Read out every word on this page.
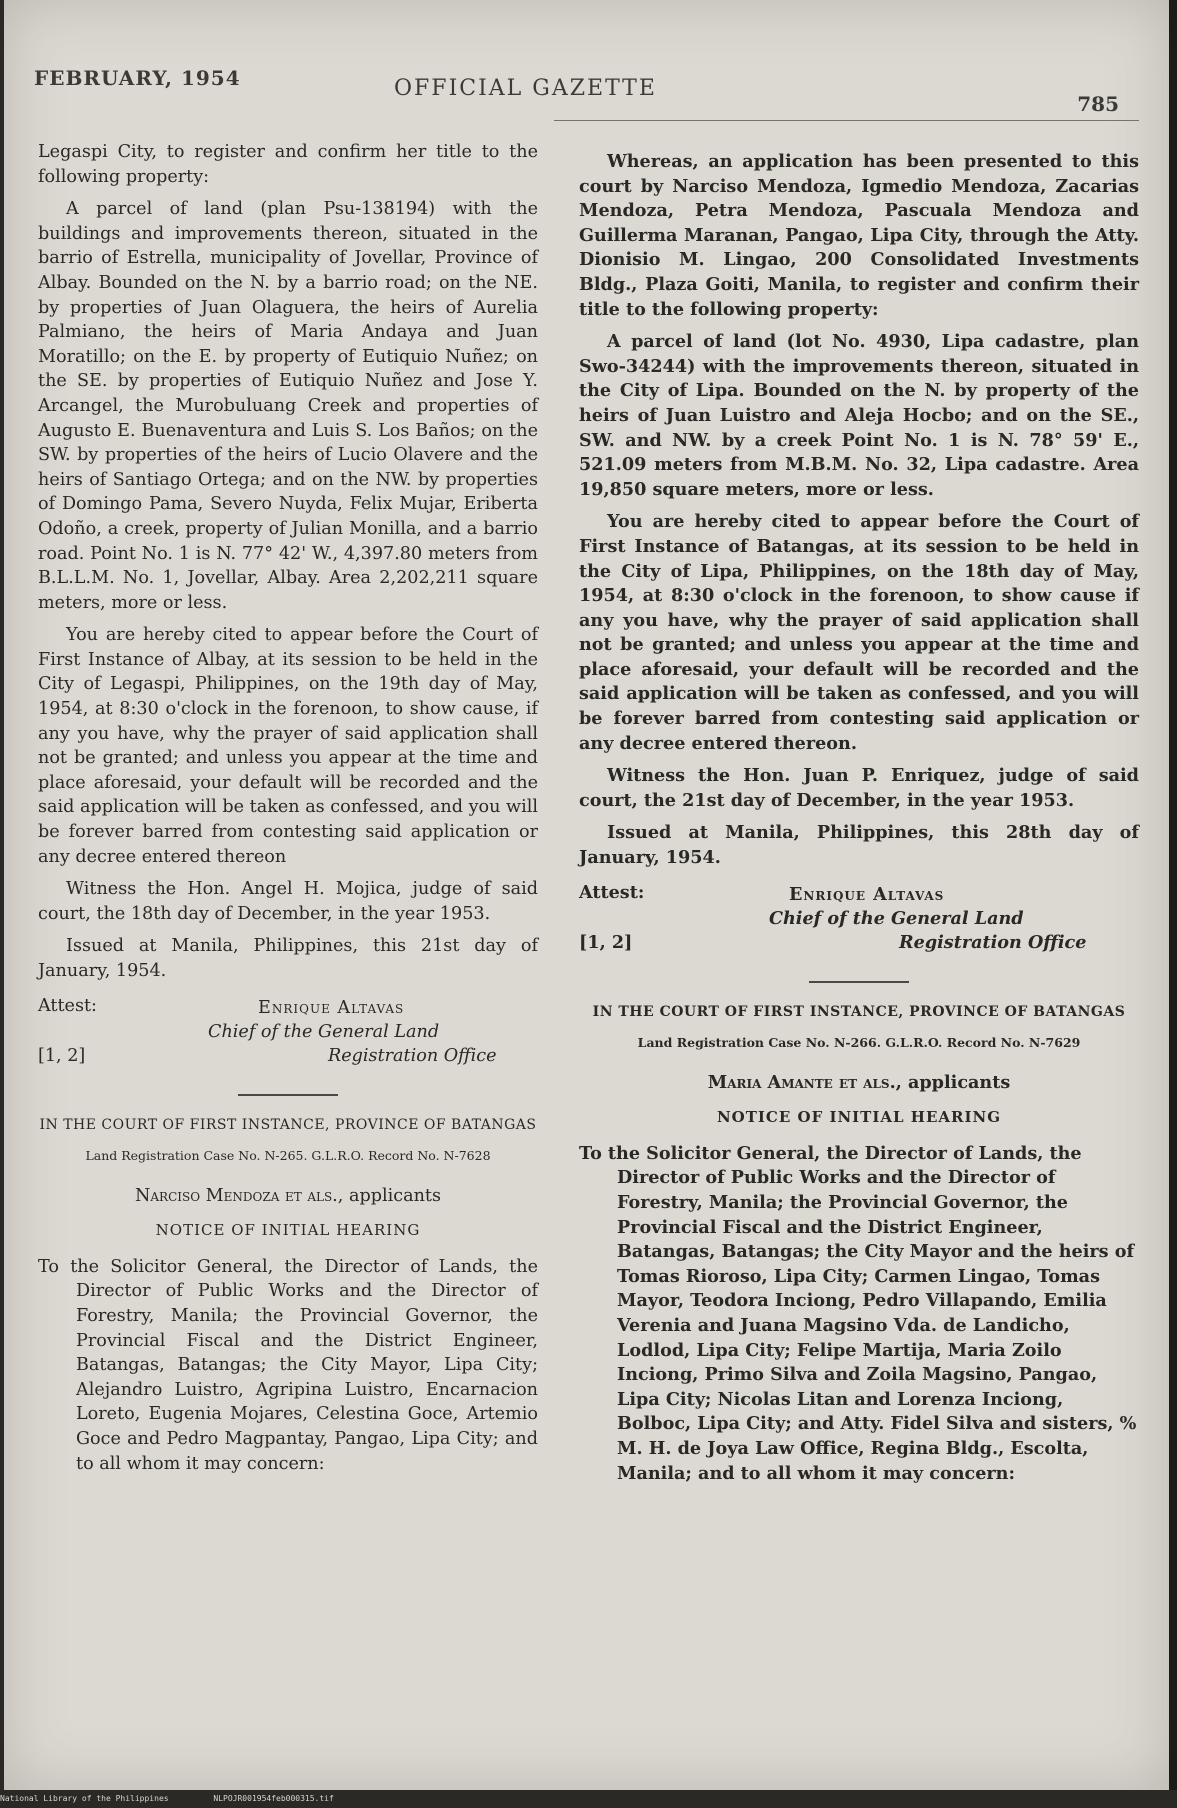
FEBRUARY, 1954	OFFICIAL GAZETTE
785

Legaspi City, to register and confirm her title to the following property:

A parcel of land (plan Psu-138194) with the buildings and improvements thereon, situated in the barrio of Estrella, municipality of Jovellar, Province of Albay. Bounded on the N. by a barrio road; on the NE. by properties of Juan Olaguera, the heirs of Aurelia Palmiano, the heirs of Maria Andaya and Juan Moratillo; on the E. by property of Eutiquio Nuñez; on the SE. by properties of Eutiquio Nuñez and Jose Y. Arcangel, the Murobuluang Creek and properties of Augusto E. Buenaventura and Luis S. Los Baños; on the SW. by properties of the heirs of Lucio Olavere and the heirs of Santiago Ortega; and on the NW. by properties of Domingo Pama, Severo Nuyda, Felix Mujar, Eriberta Odoño, a creek, property of Julian Monilla, and a barrio road. Point No. 1 is N. 77° 42' W., 4,397.80 meters from B.L.L.M. No. 1, Jovellar, Albay. Area 2,202,211 square meters, more or less.

You are hereby cited to appear before the Court of First Instance of Albay, at its session to be held in the City of Legaspi, Philippines, on the 19th day of May, 1954, at 8:30 o'clock in the forenoon, to show cause, if any you have, why the prayer of said application shall not be granted; and unless you appear at the time and place aforesaid, your default will be recorded and the said application will be taken as confessed, and you will be forever barred from contesting said application or any decree entered thereon

Witness the Hon. Angel H. Mojica, judge of said court, the 18th day of December, in the year 1953.

Issued at Manila, Philippines, this 21st day of January, 1954.

Attest:	Enrique Altavas
Chief of the General Land
[1, 2]	Registration Office
IN THE COURT OF FIRST INSTANCE, PROVINCE OF BATANGAS
Land Registration Case No. N-265. G.L.R.O. Record No. N-7628
Narciso Mendoza et als., applicants
NOTICE OF INITIAL HEARING

To the Solicitor General, the Director of Lands, the Director of Public Works and the Director of Forestry, Manila; the Provincial Governor, the Provincial Fiscal and the District Engineer, Batangas, Batangas; the City Mayor, Lipa City; Alejandro Luistro, Agripina Luistro, Encarnacion Loreto, Eugenia Mojares, Celestina Goce, Artemio Goce and Pedro Magpantay, Pangao, Lipa City; and to all whom it may concern:

Whereas, an application has been presented to this court by Narciso Mendoza, Igmedio Mendoza, Zacarias Mendoza, Petra Mendoza, Pascuala Mendoza and Guillerma Maranan, Pangao, Lipa City, through the Atty. Dionisio M. Lingao, 200 Consolidated Investments Bldg., Plaza Goiti, Manila, to register and confirm their title to the following property:

A parcel of land (lot No. 4930, Lipa cadastre, plan Swo-34244) with the improvements thereon, situated in the City of Lipa. Bounded on the N. by property of the heirs of Juan Luistro and Aleja Hocbo; and on the SE., SW. and NW. by a creek Point No. 1 is N. 78° 59' E., 521.09 meters from M.B.M. No. 32, Lipa cadastre. Area 19,850 square meters, more or less.

You are hereby cited to appear before the Court of First Instance of Batangas, at its session to be held in the City of Lipa, Philippines, on the 18th day of May, 1954, at 8:30 o'clock in the forenoon, to show cause if any you have, why the prayer of said application shall not be granted; and unless you appear at the time and place aforesaid, your default will be recorded and the said application will be taken as confessed, and you will be forever barred from contesting said application or any decree entered thereon.

Witness the Hon. Juan P. Enriquez, judge of said court, the 21st day of December, in the year 1953.

Issued at Manila, Philippines, this 28th day of January, 1954.

Attest:	Enrique Altavas
Chief of the General Land
[1, 2]	Registration Office
IN THE COURT OF FIRST INSTANCE, PROVINCE OF BATANGAS
Land Registration Case No. N-266. G.L.R.O. Record No. N-7629
Maria Amante et als., applicants
NOTICE OF INITIAL HEARING

To the Solicitor General, the Director of Lands, the Director of Public Works and the Director of Forestry, Manila; the Provincial Governor, the Provincial Fiscal and the District Engineer, Batangas, Batangas; the City Mayor and the heirs of Tomas Rioroso, Lipa City; Carmen Lingao, Tomas Mayor, Teodora Inciong, Pedro Villapando, Emilia Verenia and Juana Magsino Vda. de Landicho, Lodlod, Lipa City; Felipe Martija, Maria Zoilo Inciong, Primo Silva and Zoila Magsino, Pangao, Lipa City; Nicolas Litan and Lorenza Inciong, Bolboc, Lipa City; and Atty. Fidel Silva and sisters, % M. H. de Joya Law Office, Regina Bldg., Escolta, Manila; and to all whom it may concern:

National Library of the Philippines	NLPOJR001954feb000315.tif
